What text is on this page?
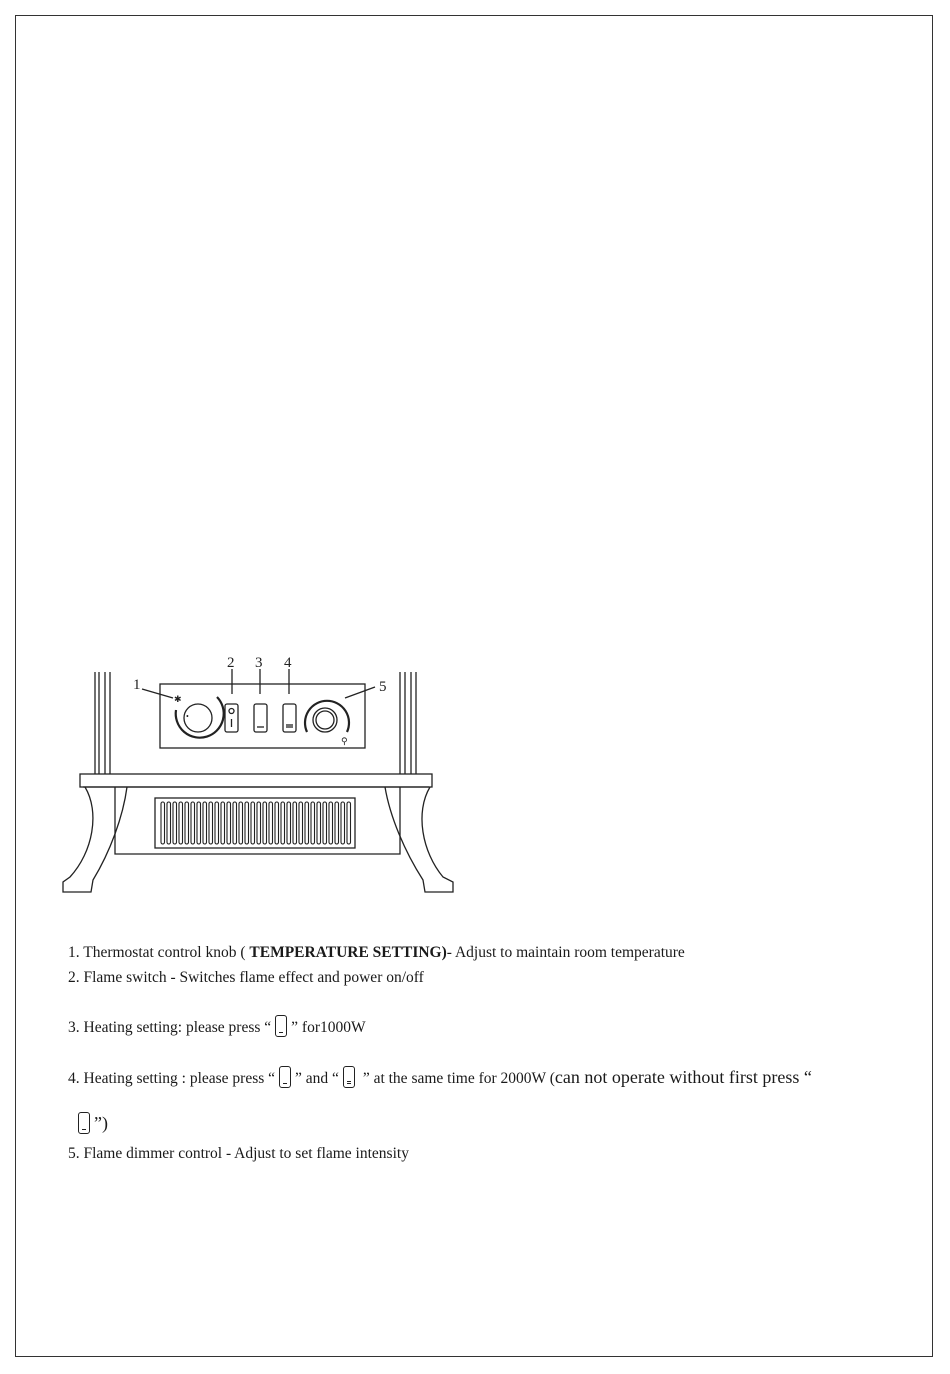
✱
•
⚲
1
2 3 4
5
1. Thermostat control knob ( TEMPERATURE SETTING)- Adjust to maintain room temperature
2. Flame switch - Switches flame effect and power on/off
3. Heating setting: please press “ ” for1000W
4. Heating setting : please press “ ” and “
” at the same time for 2000W (can not operate without first press “
”)
5. Flame dimmer control - Adjust to set flame intensity
